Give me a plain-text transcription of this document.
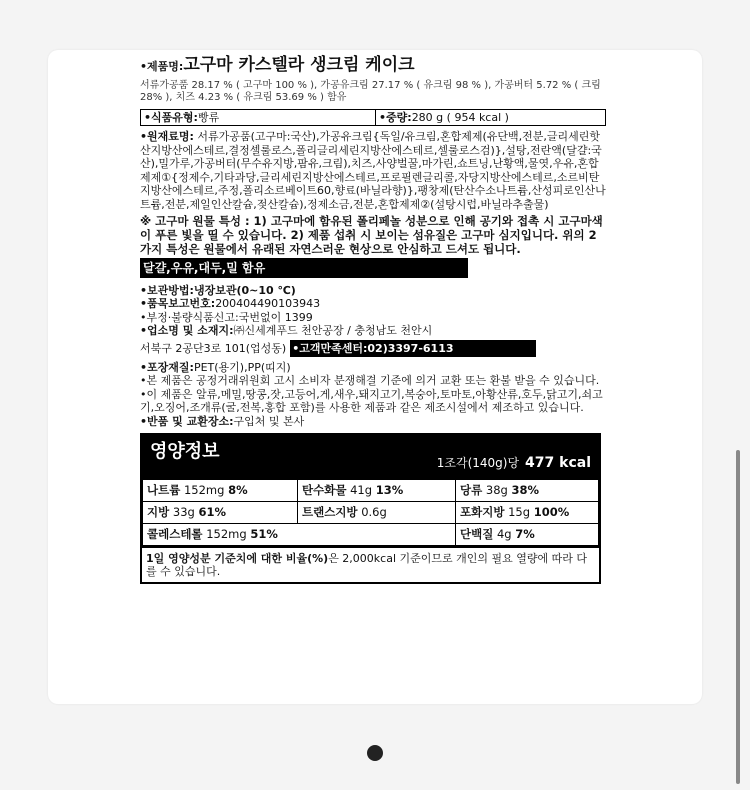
•제품명:고구마 카스텔라 생크림 케이크
서류가공품 28.17 % ( 고구마 100 % ), 가공유크림 27.17 % ( 유크림 98 % ), 가공버터 5.72 % ( 크림 28% ), 치즈 4.23 % ( 유크림 53.69 % ) 함유
•식품유형: 빵류	•중량:280 g ( 954 kcal )
•원재료명: 서류가공품(고구마:국산),가공유크림{독일/유크림,혼합제제(유단백,전분,글리세린핫산지방산에스테르,결정셀룰로스,폴리글리세린지방산에스테르,셀룰로스검)},설탕,전란액(달걀:국산),밀가루,가공버터(무수유지방,팜유,크림),치즈,사양벌꿀,마가린,쇼트닝,난황액,물엿,우유,혼합제제①{정제수,기타과당,글리세린지방산에스테르,프로필렌글리콜,자당지방산에스테르,소르비탄지방산에스테르,주정,폴리소르베이트60,향료(바닐라향)},팽창제(탄산수소나트륨,산성피로인산나트륨,전분,제일인산칼슘,젖산칼슘),정제소금,전분,혼합제제②(설탕시럽,바닐라추출물)
※ 고구마 원물 특성 : 1) 고구마에 함유된 폴리페놀 성분으로 인해 공기와 접촉 시 고구마색이 푸른 빛을 띨 수 있습니다. 2) 제품 섭취 시 보이는 섬유질은 고구마 심지입니다. 위의 2가지 특성은 원물에서 유래된 자연스러운 현상으로 안심하고 드셔도 됩니다.
달걀,우유,대두,밀 함유
•보관방법:냉장보관(0~10 ℃)
•품목보고번호:200404490103943
•부정·불량식품신고:국번없이 1399
•업소명 및 소재지:㈜신세계푸드 천안공장 / 충청남도 천안시
서북구 2공단3로 101(업성동) •고객만족센터:02)3397-6113
•포장재질:PET(용기),PP(띠지)
•본 제품은 공정거래위원회 고시 소비자 분쟁해결 기준에 의거 교환 또는 환불 받을 수 있습니다.
•이 제품은 알류,메밀,땅콩,잣,고등어,게,새우,돼지고기,복숭아,토마토,아황산류,호두,닭고기,쇠고기,오징어,조개류(굴,전복,홍합 포함)를 사용한 제품과 같은 제조시설에서 제조하고 있습니다.
•반품 및 교환장소:구입처 및 본사
영양정보
1조각(140g)당 477 kcal
나트륨 152mg 8%	탄수화물 41g 13%	당류 38g 38%
지방 33g 61%	트랜스지방 0.6g	포화지방 15g 100%
콜레스테롤 152mg 51%		단백질 4g 7%
1일 영양성분 기준치에 대한 비율(%)은 2,000kcal 기준이므로 개인의 필요 열량에 따라 다를 수 있습니다.
